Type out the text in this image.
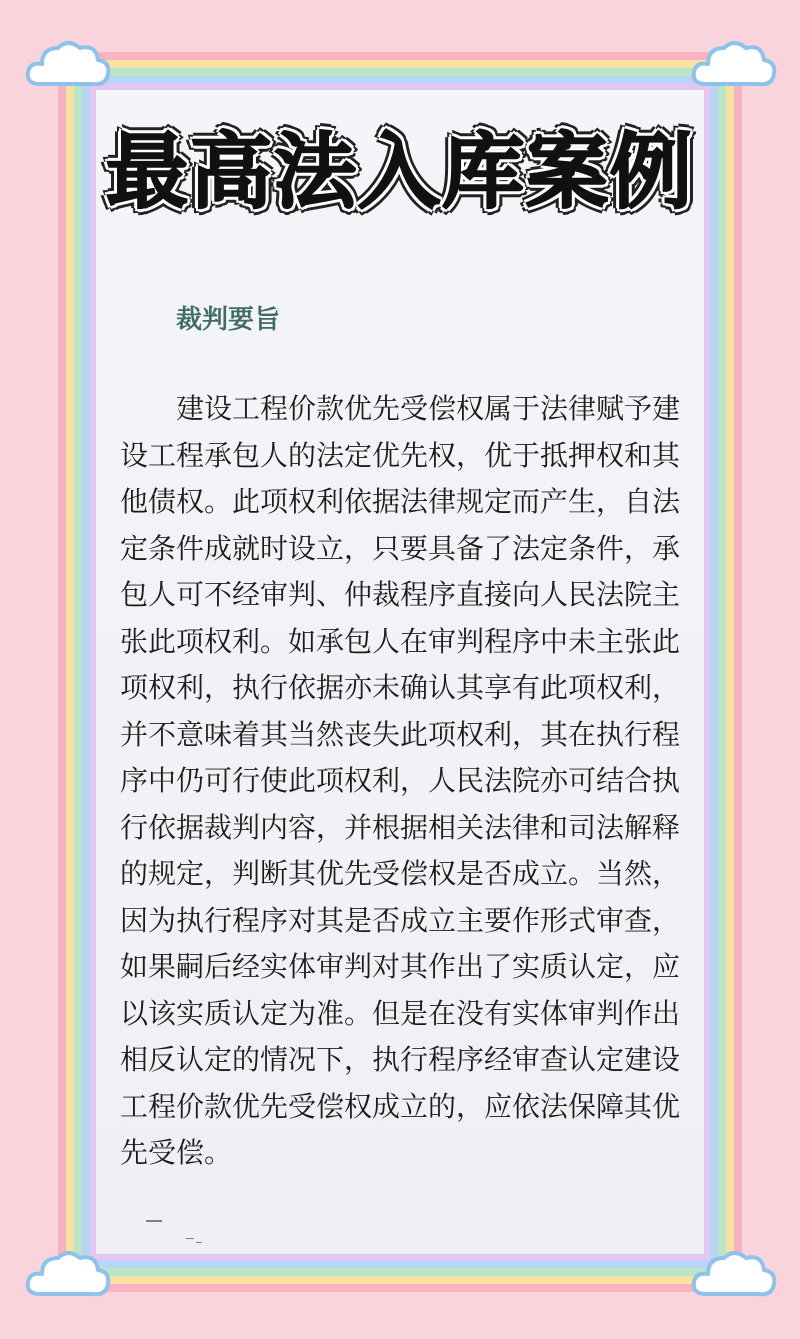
最高法入库案例
裁判要旨
建设工程价款优先受偿权属于法律赋予建设工程承包人的法定优先权，优于抵押权和其他债权。此项权利依据法律规定而产生，自法定条件成就时设立，只要具备了法定条件，承包人可不经审判、仲裁程序直接向人民法院主张此项权利。如承包人在审判程序中未主张此项权利，执行依据亦未确认其享有此项权利，并不意味着其当然丧失此项权利，其在执行程序中仍可行使此项权利，人民法院亦可结合执行依据裁判内容，并根据相关法律和司法解释的规定，判断其优先受偿权是否成立。当然，因为执行程序对其是否成立主要作形式审查，如果嗣后经实体审判对其作出了实质认定，应以该实质认定为准。但是在没有实体审判作出相反认定的情况下，执行程序经审查认定建设工程价款优先受偿权成立的，应依法保障其优先受偿。
